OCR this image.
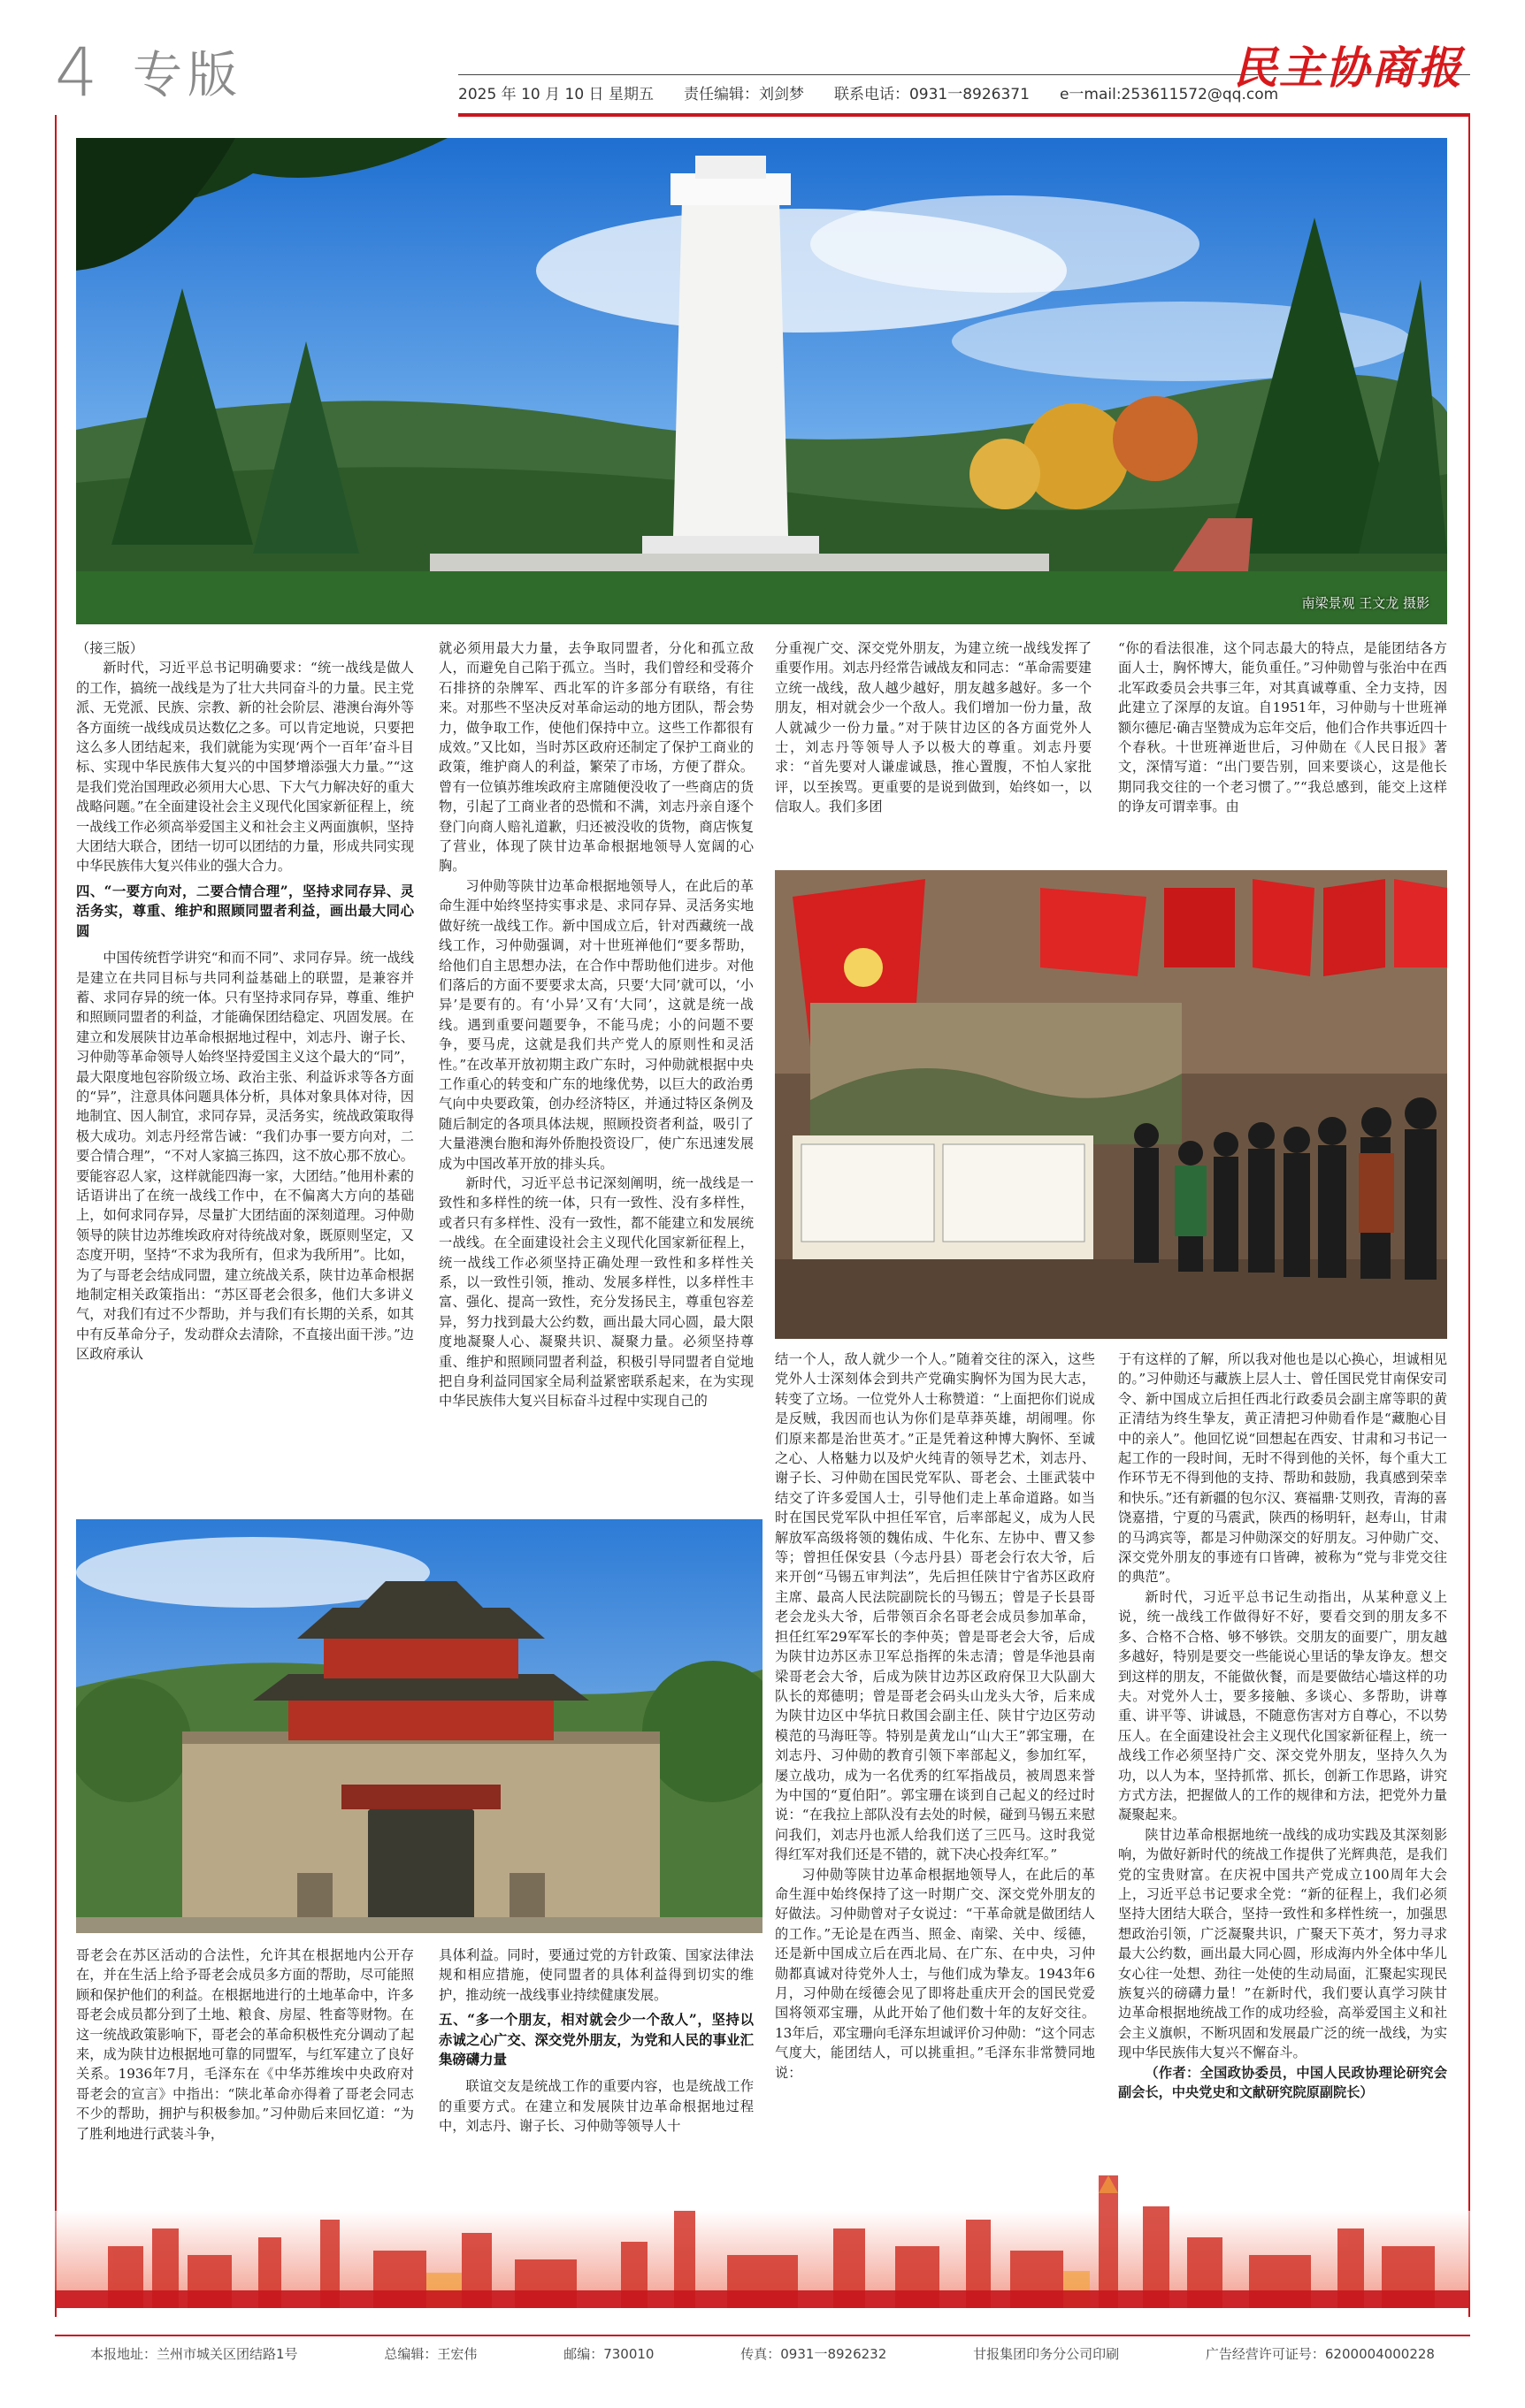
4 专版	2025 年 10 月 10 日 星期五 责任编辑：刘剑梦 联系电话：0931一8926371 e一mail:253611572@qq.com
民主协商报
南梁景观 王文龙 摄影

（接三版）

新时代，习近平总书记明确要求：“统一战线是做人的工作，搞统一战线是为了壮大共同奋斗的力量。民主党派、无党派、民族、宗教、新的社会阶层、港澳台海外等各方面统一战线成员达数亿之多。可以肯定地说，只要把这么多人团结起来，我们就能为实现‘两个一百年’奋斗目标、实现中华民族伟大复兴的中国梦增添强大力量。”“这是我们党治国理政必须用大心思、下大气力解决好的重大战略问题。”在全面建设社会主义现代化国家新征程上，统一战线工作必须高举爱国主义和社会主义两面旗帜，坚持大团结大联合，团结一切可以团结的力量，形成共同实现中华民族伟大复兴伟业的强大合力。

四、“一要方向对，二要合情合理”，坚持求同存异、灵活务实，尊重、维护和照顾同盟者利益，画出最大同心圆

中国传统哲学讲究“和而不同”、求同存异。统一战线是建立在共同目标与共同利益基础上的联盟，是兼容并蓄、求同存异的统一体。只有坚持求同存异，尊重、维护和照顾同盟者的利益，才能确保团结稳定、巩固发展。在建立和发展陕甘边革命根据地过程中，刘志丹、谢子长、习仲勋等革命领导人始终坚持爱国主义这个最大的“同”，最大限度地包容阶级立场、政治主张、利益诉求等各方面的“异”，注意具体问题具体分析，具体对象具体对待，因地制宜、因人制宜，求同存异，灵活务实，统战政策取得极大成功。刘志丹经常告诫：“我们办事一要方向对，二要合情合理”，“不对人家搞三拣四，这不放心那不放心。要能容忍人家，这样就能四海一家，大团结。”他用朴素的话语讲出了在统一战线工作中，在不偏离大方向的基础上，如何求同存异，尽量扩大团结面的深刻道理。习仲勋领导的陕甘边苏维埃政府对待统战对象，既原则坚定，又态度开明，坚持“不求为我所有，但求为我所用”。比如，为了与哥老会结成同盟，建立统战关系，陕甘边革命根据地制定相关政策指出：“苏区哥老会很多，他们大多讲义气，对我们有过不少帮助，并与我们有长期的关系，如其中有反革命分子，发动群众去清除，不直接出面干涉。”边区政府承认

就必须用最大力量，去争取同盟者，分化和孤立敌人，而避免自己陷于孤立。当时，我们曾经和受蒋介石排挤的杂牌军、西北军的许多部分有联络，有往来。对那些不坚决反对革命运动的地方团队，帮会势力，做争取工作，使他们保持中立。这些工作都很有成效。”又比如，当时苏区政府还制定了保护工商业的政策，维护商人的利益，繁荣了市场，方便了群众。曾有一位镇苏维埃政府主席随便没收了一些商店的货物，引起了工商业者的恐慌和不满，刘志丹亲自逐个登门向商人赔礼道歉，归还被没收的货物，商店恢复了营业，体现了陕甘边革命根据地领导人宽阔的心胸。

习仲勋等陕甘边革命根据地领导人，在此后的革命生涯中始终坚持实事求是、求同存异、灵活务实地做好统一战线工作。新中国成立后，针对西藏统一战线工作，习仲勋强调，对十世班禅他们“要多帮助，给他们自主思想办法，在合作中帮助他们进步。对他们落后的方面不要要求太高，只要‘大同’就可以，‘小异’是要有的。有‘小异’又有‘大同’，这就是统一战线。遇到重要问题要争，不能马虎；小的问题不要争，要马虎，这就是我们共产党人的原则性和灵活性。”在改革开放初期主政广东时，习仲勋就根据中央工作重心的转变和广东的地缘优势，以巨大的政治勇气向中央要政策，创办经济特区，并通过特区条例及随后制定的各项具体法规，照顾投资者利益，吸引了大量港澳台胞和海外侨胞投资设厂，使广东迅速发展成为中国改革开放的排头兵。

新时代，习近平总书记深刻阐明，统一战线是一致性和多样性的统一体，只有一致性、没有多样性，或者只有多样性、没有一致性，都不能建立和发展统一战线。在全面建设社会主义现代化国家新征程上，统一战线工作必须坚持正确处理一致性和多样性关系，以一致性引领，推动、发展多样性，以多样性丰富、强化、提高一致性，充分发扬民主，尊重包容差异，努力找到最大公约数，画出最大同心圆，最大限度地凝聚人心、凝聚共识、凝聚力量。必须坚持尊重、维护和照顾同盟者利益，积极引导同盟者自觉地把自身利益同国家全局利益紧密联系起来，在为实现中华民族伟大复兴目标奋斗过程中实现自己的

分重视广交、深交党外朋友，为建立统一战线发挥了重要作用。刘志丹经常告诫战友和同志：“革命需要建立统一战线，敌人越少越好，朋友越多越好。多一个朋友，相对就会少一个敌人。我们增加一份力量，敌人就减少一份力量。”对于陕甘边区的各方面党外人士，刘志丹等领导人予以极大的尊重。刘志丹要求：“首先要对人谦虚诚恳，推心置腹，不怕人家批评，以至挨骂。更重要的是说到做到，始终如一，以信取人。我们多团

“你的看法很准，这个同志最大的特点，是能团结各方面人士，胸怀博大，能负重任。”习仲勋曾与张治中在西北军政委员会共事三年，对其真诚尊重、全力支持，因此建立了深厚的友谊。自1951年，习仲勋与十世班禅额尔德尼·确吉坚赞成为忘年交后，他们合作共事近四十个春秋。十世班禅逝世后，习仲勋在《人民日报》著文，深情写道：“出门要告别，回来要谈心，这是他长期同我交往的一个老习惯了。”“我总感到，能交上这样的诤友可谓幸事。由

结一个人，敌人就少一个人。”随着交往的深入，这些党外人士深刻体会到共产党确实胸怀为国为民大志，转变了立场。一位党外人士称赞道：“上面把你们说成是反贼，我因而也认为你们是草莽英雄，胡闹哩。你们原来都是治世英才。”正是凭着这种博大胸怀、至诚之心、人格魅力以及炉火纯青的领导艺术，刘志丹、谢子长、习仲勋在国民党军队、哥老会、土匪武装中结交了许多爱国人士，引导他们走上革命道路。如当时在国民党军队中担任军官，后率部起义，成为人民解放军高级将领的魏佑成、牛化东、左协中、曹又参等；曾担任保安县（今志丹县）哥老会行农大爷，后来开创“马锡五审判法”，先后担任陕甘宁省苏区政府主席、最高人民法院副院长的马锡五；曾是子长县哥老会龙头大爷，后带领百余名哥老会成员参加革命，担任红军29军军长的李仲英；曾是哥老会大爷，后成为陕甘边苏区赤卫军总指挥的朱志清；曾是华池县南梁哥老会大爷，后成为陕甘边苏区政府保卫大队副大队长的郑德明；曾是哥老会码头山龙头大爷，后来成为陕甘边区中华抗日救国会副主任、陕甘宁边区劳动模范的马海旺等。特别是黄龙山“山大王”郭宝珊，在刘志丹、习仲勋的教育引领下率部起义，参加红军，屡立战功，成为一名优秀的红军指战员，被周恩来誉为中国的“夏伯阳”。郭宝珊在谈到自己起义的经过时说：“在我拉上部队没有去处的时候，碰到马锡五来慰问我们，刘志丹也派人给我们送了三匹马。这时我觉得红军对我们还是不错的，就下决心投奔红军。”

习仲勋等陕甘边革命根据地领导人，在此后的革命生涯中始终保持了这一时期广交、深交党外朋友的好做法。习仲勋曾对子女说过：“干革命就是做团结人的工作。”无论是在西当、照金、南梁、关中、绥德，还是新中国成立后在西北局、在广东、在中央，习仲勋都真诚对待党外人士，与他们成为挚友。1943年6月，习仲勋在绥德会见了即将赴重庆开会的国民党爱国将领邓宝珊，从此开始了他们数十年的友好交往。13年后，邓宝珊向毛泽东坦诚评价习仲勋：“这个同志气度大，能团结人，可以挑重担。”毛泽东非常赞同地说：

于有这样的了解，所以我对他也是以心换心，坦诚相见的。”习仲勋还与藏族上层人士、曾任国民党甘南保安司令、新中国成立后担任西北行政委员会副主席等职的黄正清结为终生挚友，黄正清把习仲勋看作是“藏胞心目中的亲人”。他回忆说“回想起在西安、甘肃和习书记一起工作的一段时间，无时不得到他的关怀，每个重大工作环节无不得到他的支持、帮助和鼓励，我真感到荣幸和快乐。”还有新疆的包尔汉、赛福鼎·艾则孜，青海的喜饶嘉措，宁夏的马震武，陕西的杨明轩，赵寿山，甘肃的马鸿宾等，都是习仲勋深交的好朋友。习仲勋广交、深交党外朋友的事迹有口皆碑，被称为“党与非党交往的典范”。

新时代，习近平总书记生动指出，从某种意义上说，统一战线工作做得好不好，要看交到的朋友多不多、合格不合格、够不够铁。交朋友的面要广，朋友越多越好，特别是要交一些能说心里话的挚友诤友。想交到这样的朋友，不能做伙餐，而是要做结心墙这样的功夫。对党外人士，要多接触、多谈心、多帮助，讲尊重、讲平等、讲诚恳，不随意伤害对方自尊心，不以势压人。在全面建设社会主义现代化国家新征程上，统一战线工作必须坚持广交、深交党外朋友，坚持久久为功，以人为本，坚持抓常、抓长，创新工作思路，讲究方式方法，把握做人的工作的规律和方法，把党外力量凝聚起来。

陕甘边革命根据地统一战线的成功实践及其深刻影响，为做好新时代的统战工作提供了光辉典范，是我们党的宝贵财富。在庆祝中国共产党成立100周年大会上，习近平总书记要求全党：“新的征程上，我们必须坚持大团结大联合，坚持一致性和多样性统一，加强思想政治引领，广泛凝聚共识，广聚天下英才，努力寻求最大公约数，画出最大同心圆，形成海内外全体中华儿女心往一处想、劲往一处使的生动局面，汇聚起实现民族复兴的磅礴力量！”在新时代，我们要认真学习陕甘边革命根据地统战工作的成功经验，高举爱国主义和社会主义旗帜，不断巩固和发展最广泛的统一战线，为实现中华民族伟大复兴不懈奋斗。

（作者：全国政协委员，中国人民政协理论研究会副会长，中央党史和文献研究院原副院长）

哥老会在苏区活动的合法性，允许其在根据地内公开存在，并在生活上给予哥老会成员多方面的帮助，尽可能照顾和保护他们的利益。在根据地进行的土地革命中，许多哥老会成员都分到了土地、粮食、房屋、牲畜等财物。在这一统战政策影响下，哥老会的革命积极性充分调动了起来，成为陕甘边根据地可靠的同盟军，与红军建立了良好关系。1936年7月，毛泽东在《中华苏维埃中央政府对哥老会的宣言》中指出：“陕北革命亦得着了哥老会同志不少的帮助，拥护与积极参加。”习仲勋后来回忆道：“为了胜利地进行武装斗争，

具体利益。同时，要通过党的方针政策、国家法律法规和相应措施，使同盟者的具体利益得到切实的维护，推动统一战线事业持续健康发展。

五、“多一个朋友，相对就会少一个敌人”，坚持以赤诚之心广交、深交党外朋友，为党和人民的事业汇集磅礴力量

联谊交友是统战工作的重要内容，也是统战工作的重要方式。在建立和发展陕甘边革命根据地过程中，刘志丹、谢子长、习仲勋等领导人十

本报地址：兰州市城关区团结路1号	总编辑：王宏伟	邮编：730010	传真：0931一8926232	甘报集团印务分公司印刷	广告经营许可证号：6200004000228
